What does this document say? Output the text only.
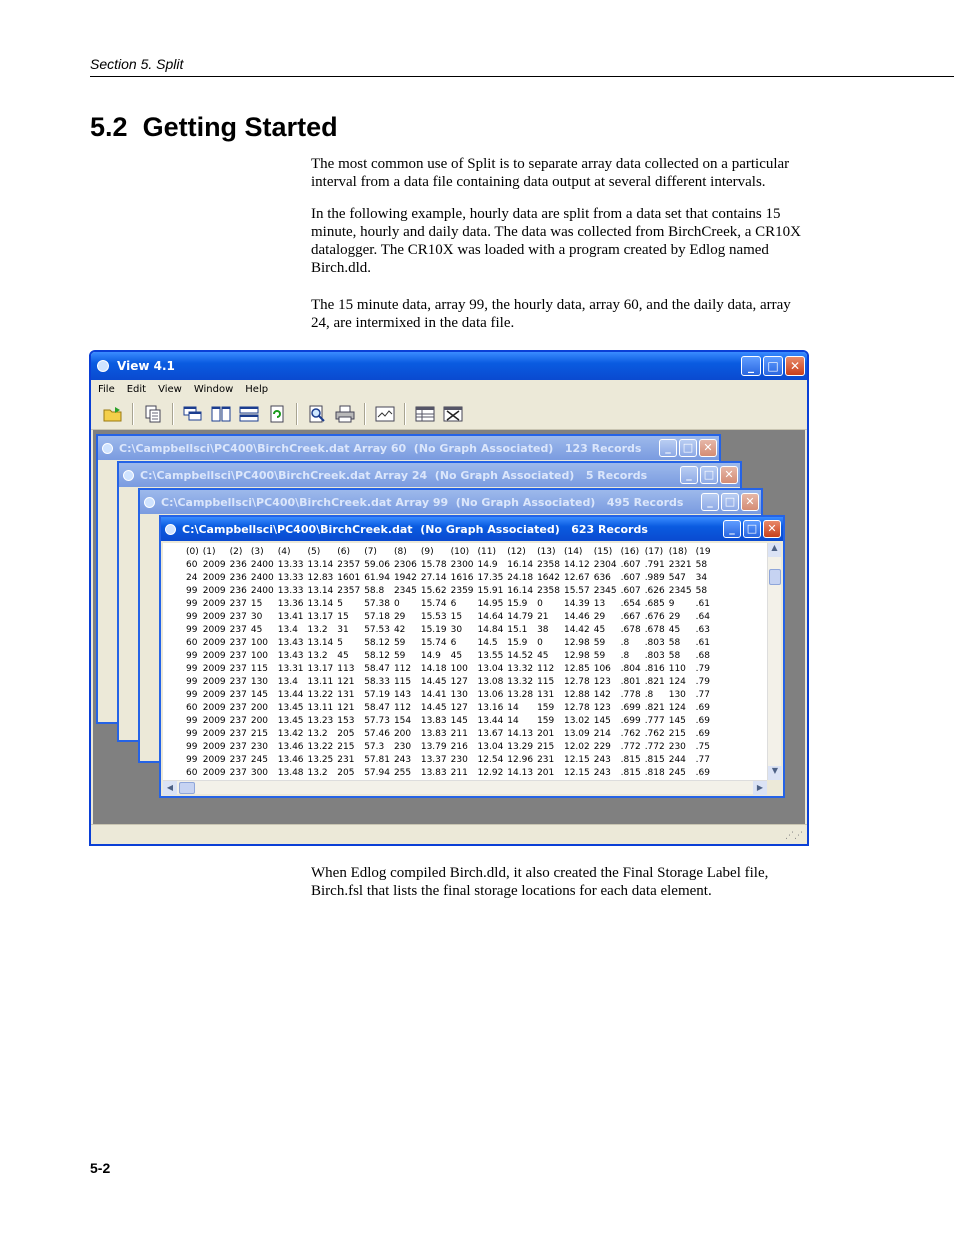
Section 5. Split
5.2 Getting Started

The most common use of Split is to separate array data collected on a particular interval from a data file containing data output at several different intervals.

In the following example, hourly data are split from a data set that contains 15 minute, hourly and daily data. The data was collected from BirchCreek, a CR10X datalogger. The CR10X was loaded with a program created by Edlog named Birch.dld.

The 15 minute data, array 99, the hourly data, array 60, and the daily data, array 24, are intermixed in the data file.

View 4.1	_	□ ✕
File Edit View Window Help
C:\Campbellsci\PC400\BirchCreek.dat Array 60  (No Graph Associated)   123 Records	_	□ ✕
C:\Campbellsci\PC400\BirchCreek.dat Array 24  (No Graph Associated)   5 Records	_	□ ✕
C:\Campbellsci\PC400\BirchCreek.dat Array 99  (No Graph Associated)   495 Records	_	□ ✕
C:\Campbellsci\PC400\BirchCreek.dat  (No Graph Associated)   623 Records	_	□ ✕
(0)	(1)	(2)	(3)	(4)	(5)	(6)	(7)	(8)	(9)	(10)	(11)	(12)	(13)	(14)	(15)	(16)	(17)	(18)	(19
60	2009	236	2400	13.33	13.14	2357	59.06	2306	15.78	2300	14.9	16.14	2358	14.12	2304	.607	.791	2321	58
24	2009	236	2400	13.33	12.83	1601	61.94	1942	27.14	1616	17.35	24.18	1642	12.67	636	.607	.989	547	34
99	2009	236	2400	13.33	13.14	2357	58.8	2345	15.62	2359	15.91	16.14	2358	15.57	2345	.607	.626	2345	58
99	2009	237	15	13.36	13.14	5	57.38	0	15.74	6	14.95	15.9	0	14.39	13	.654	.685	9	.61
99	2009	237	30	13.41	13.17	15	57.18	29	15.53	15	14.64	14.79	21	14.46	29	.667	.676	29	.64
99	2009	237	45	13.4	13.2	31	57.53	42	15.19	30	14.84	15.1	38	14.42	45	.678	.678	45	.63
60	2009	237	100	13.43	13.14	5	58.12	59	15.74	6	14.5	15.9	0	12.98	59	.8	.803	58	.61
99	2009	237	100	13.43	13.2	45	58.12	59	14.9	45	13.55	14.52	45	12.98	59	.8	.803	58	.68
99	2009	237	115	13.31	13.17	113	58.47	112	14.18	100	13.04	13.32	112	12.85	106	.804	.816	110	.79
99	2009	237	130	13.4	13.11	121	58.33	115	14.45	127	13.08	13.32	115	12.78	123	.801	.821	124	.79
99	2009	237	145	13.44	13.22	131	57.19	143	14.41	130	13.06	13.28	131	12.88	142	.778	.8	130	.77
60	2009	237	200	13.45	13.11	121	58.47	112	14.45	127	13.16	14	159	12.78	123	.699	.821	124	.69
99	2009	237	200	13.45	13.23	153	57.73	154	13.83	145	13.44	14	159	13.02	145	.699	.777	145	.69
99	2009	237	215	13.42	13.2	205	57.46	200	13.83	211	13.67	14.13	201	13.09	214	.762	.762	215	.69
99	2009	237	230	13.46	13.22	215	57.3	230	13.79	216	13.04	13.29	215	12.02	229	.772	.772	230	.75
99	2009	237	245	13.46	13.25	231	57.81	243	13.37	230	12.54	12.96	231	12.15	243	.815	.815	244	.77
60	2009	237	300	13.48	13.2	205	57.94	255	13.83	211	12.92	14.13	201	12.15	243	.815	.818	245	.69
▲
▼
◀	▶
⋰⋰

When Edlog compiled Birch.dld, it also created the Final Storage Label file, Birch.fsl that lists the final storage locations for each data element.

5-2
